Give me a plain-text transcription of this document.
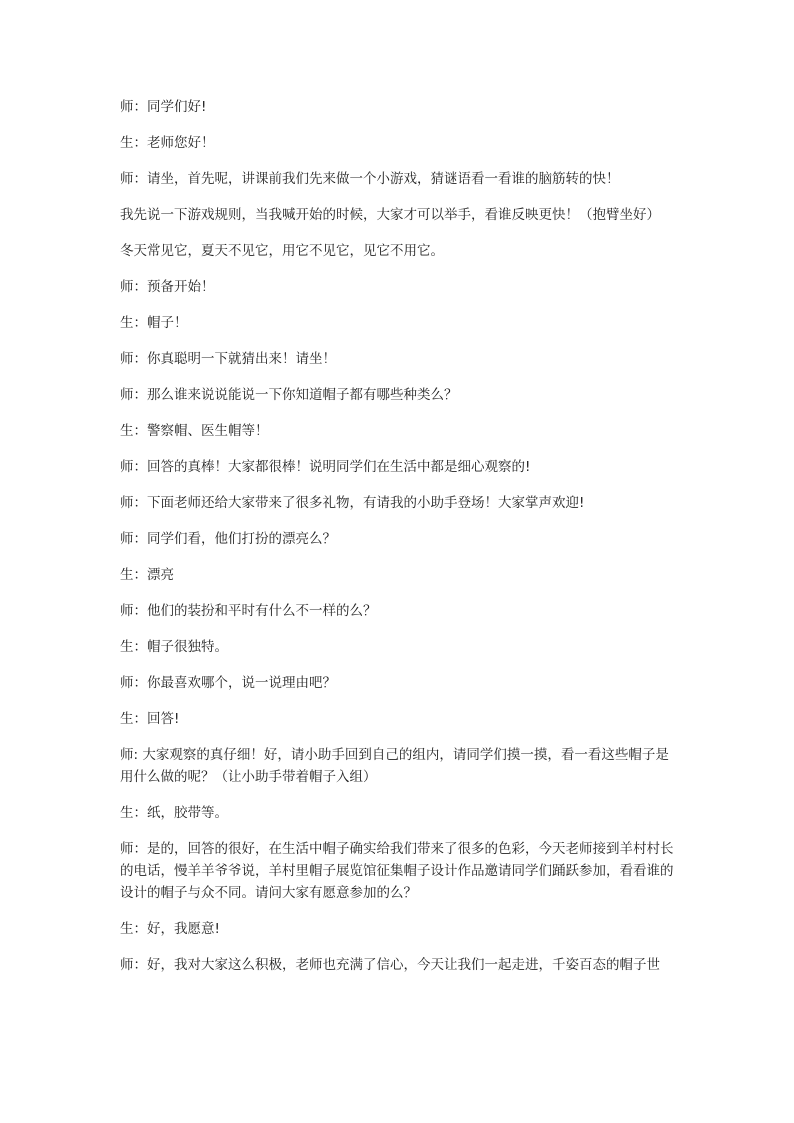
师：同学们好!

生：老师您好！

师：请坐，首先呢，讲课前我们先来做一个小游戏，猜谜语看一看谁的脑筋转的快！

我先说一下游戏规则，当我喊开始的时候，大家才可以举手，看谁反映更快！（抱臂坐好）

冬天常见它，夏天不见它，用它不见它，见它不用它。

师：预备开始！

生：帽子！

师：你真聪明一下就猜出来！请坐！

师：那么谁来说说能说一下你知道帽子都有哪些种类么？

生：警察帽、医生帽等！

师：回答的真棒！大家都很棒！说明同学们在生活中都是细心观察的!

师：下面老师还给大家带来了很多礼物，有请我的小助手登场！大家掌声欢迎!

师：同学们看，他们打扮的漂亮么？

生：漂亮

师：他们的装扮和平时有什么不一样的么？

生：帽子很独特。

师：你最喜欢哪个，说一说理由吧？

生：回答!

师: 大家观察的真仔细！好，请小助手回到自己的组内，请同学们摸一摸，看一看这些帽子是用什么做的呢？（让小助手带着帽子入组）

生：纸，胶带等。

师：是的，回答的很好，在生活中帽子确实给我们带来了很多的色彩，今天老师接到羊村村长的电话，慢羊羊爷爷说，羊村里帽子展览馆征集帽子设计作品邀请同学们踊跃参加，看看谁的设计的帽子与众不同。请问大家有愿意参加的么？

生：好，我愿意!

师：好，我对大家这么积极，老师也充满了信心，今天让我们一起走进，千姿百态的帽子世
